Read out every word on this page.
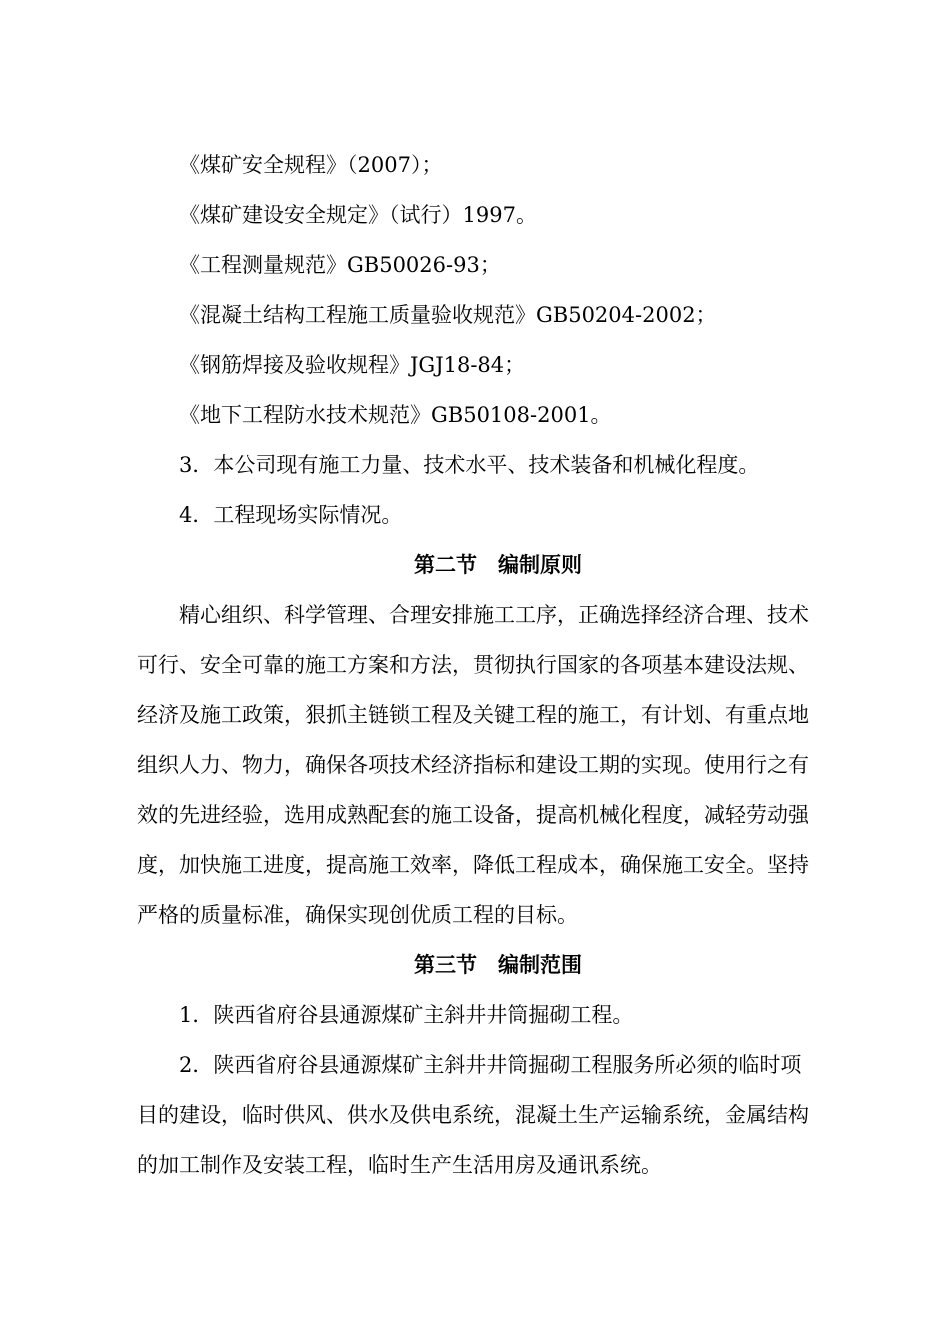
《煤矿安全规程》（2007）；
《煤矿建设安全规定》（试行）1997。
《工程测量规范》GB50026-93；
《混凝土结构工程施工质量验收规范》GB50204-2002；
《钢筋焊接及验收规程》JGJ18-84；
《地下工程防水技术规范》GB50108-2001。
3．本公司现有施工力量、技术水平、技术装备和机械化程度。
4．工程现场实际情况。
第二节　编制原则
精心组织、科学管理、合理安排施工工序，正确选择经济合理、技术
可行、安全可靠的施工方案和方法，贯彻执行国家的各项基本建设法规、
经济及施工政策，狠抓主链锁工程及关键工程的施工，有计划、有重点地
组织人力、物力，确保各项技术经济指标和建设工期的实现。使用行之有
效的先进经验，选用成熟配套的施工设备，提高机械化程度，减轻劳动强
度，加快施工进度，提高施工效率，降低工程成本，确保施工安全。坚持
严格的质量标准，确保实现创优质工程的目标。
第三节　编制范围
1．陕西省府谷县通源煤矿主斜井井筒掘砌工程。
2．陕西省府谷县通源煤矿主斜井井筒掘砌工程服务所必须的临时项
目的建设，临时供风、供水及供电系统，混凝土生产运输系统，金属结构
的加工制作及安装工程，临时生产生活用房及通讯系统。
